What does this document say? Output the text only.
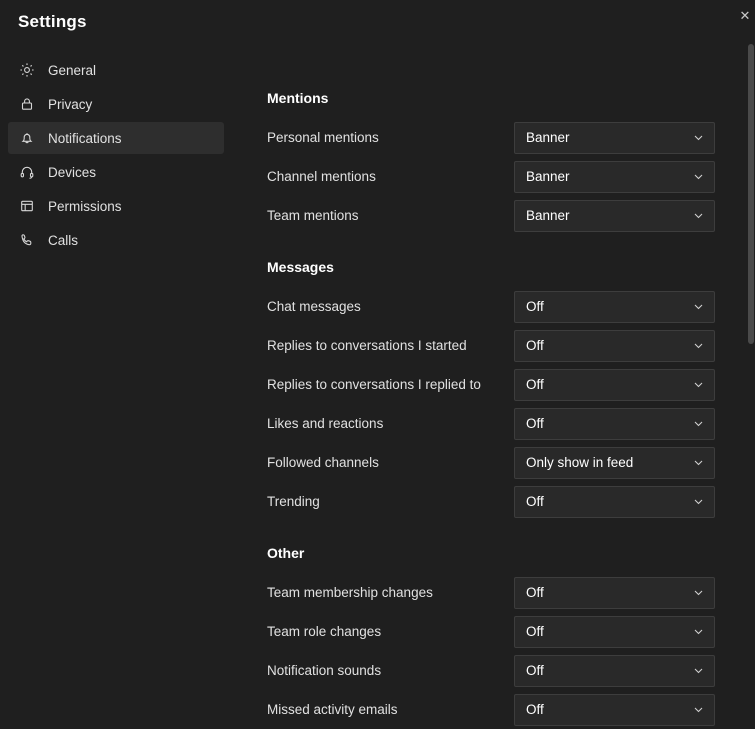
Settings	✕
General
Privacy
Notifications
Devices
Permissions
Calls
Mentions
Personal mentions	Banner
Channel mentions	Banner
Team mentions	Banner
Messages
Chat messages	Off
Replies to conversations I started	Off
Replies to conversations I replied to	Off
Likes and reactions	Off
Followed channels	Only show in feed
Trending	Off
Other
Team membership changes	Off
Team role changes	Off
Notification sounds	Off
Missed activity emails	Off
